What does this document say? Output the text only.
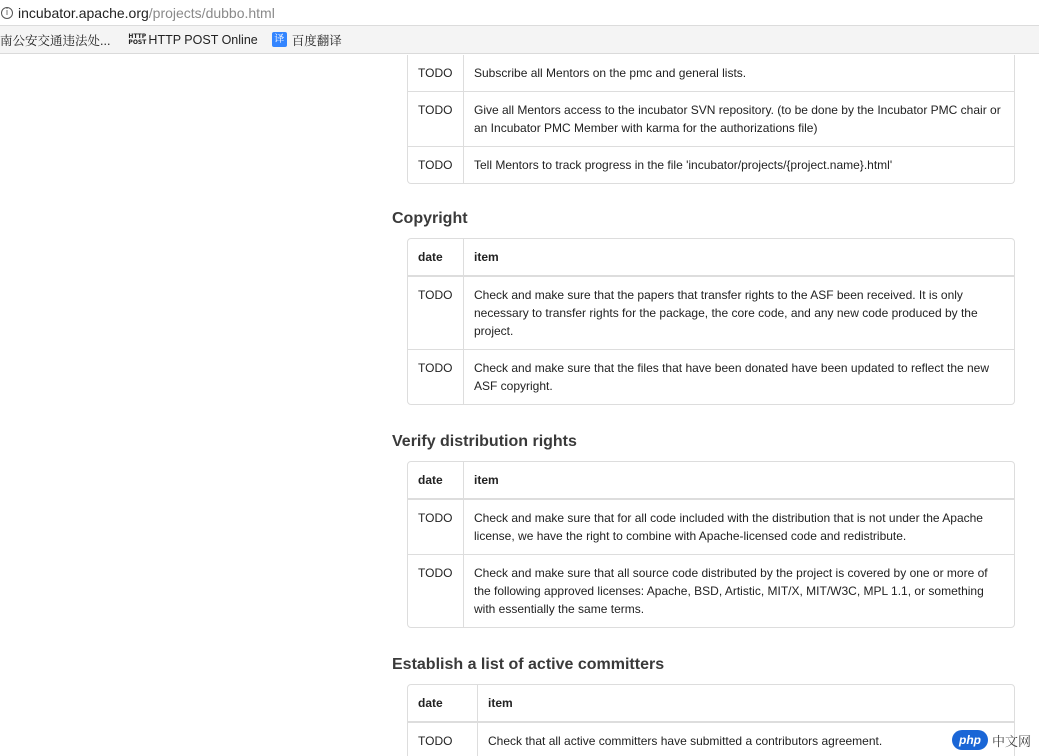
i incubator.apache.org /projects/dubbo.html
南公安交通违法处...	HTTP
POST HTTP POST Online 译 百度翻译
TODO	Subscribe all Mentors on the pmc and general lists.
TODO	Give all Mentors access to the incubator SVN repository. (to be done by the Incubator PMC chair or an Incubator PMC Member with karma for the authorizations file)
TODO	Tell Mentors to track progress in the file 'incubator/projects/{project.name}.html'
Copyright
date	item
TODO	Check and make sure that the papers that transfer rights to the ASF been received. It is only necessary to transfer rights for the package, the core code, and any new code produced by the project.
TODO	Check and make sure that the files that have been donated have been updated to reflect the new ASF copyright.
Verify distribution rights
date	item
TODO	Check and make sure that for all code included with the distribution that is not under the Apache license, we have the right to combine with Apache-licensed code and redistribute.
TODO	Check and make sure that all source code distributed by the project is covered by one or more of the following approved licenses: Apache, BSD, Artistic, MIT/X, MIT/W3C, MPL 1.1, or something with essentially the same terms.
Establish a list of active committers
date	item
TODO	Check that all active committers have submitted a contributors agreement.	php 中文网
